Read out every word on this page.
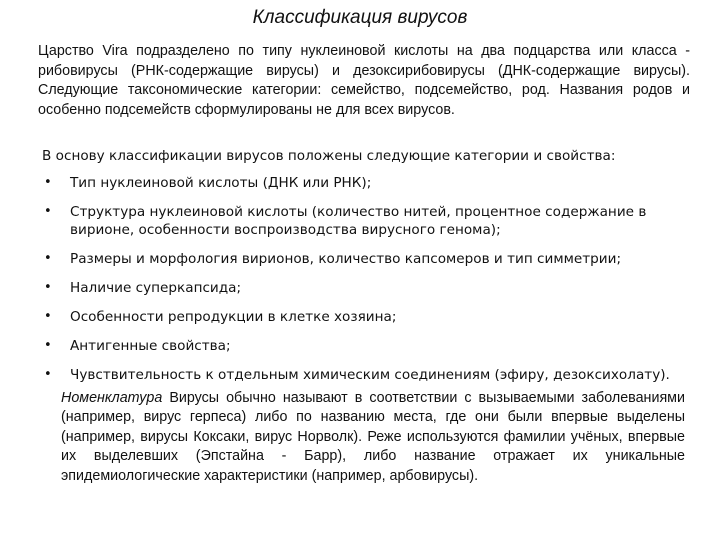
Классификация вирусов

Царство Vira подразделено по типу нуклеиновой кислоты на два подцарства или класса - рибовирусы (РНК-содержащие вирусы) и дезоксирибовирусы (ДНК-содержащие вирусы). Следующие таксономические категории: семейство, подсемейство, род. Названия родов и особенно подсемейств сформулированы не для всех вирусов.

В основу классификации вирусов положены следующие категории и свойства:

• Тип нуклеиновой кислоты (ДНК или РНК);
• Структура нуклеиновой кислоты (количество нитей, процентное содержание в вирионе, особенности воспроизводства вирусного генома);
• Размеры и морфология вирионов, количество капсомеров и тип симметрии;
• Наличие суперкапсида;
• Особенности репродукции в клетке хозяина;
• Антигенные свойства;
• Чувствительность к отдельным химическим соединениям (эфиру, дезоксихолату).

Номенклатура Вирусы обычно называют в соответствии с вызываемыми заболеваниями (например, вирус герпеса) либо по названию места, где они были впервые выделены (например, вирусы Коксаки, вирус Норволк). Реже используются фамилии учёных, впервые их выделевших (Эпстайна - Барр), либо название отражает их уникальные эпидемиологические характеристики (например, арбовирусы).
